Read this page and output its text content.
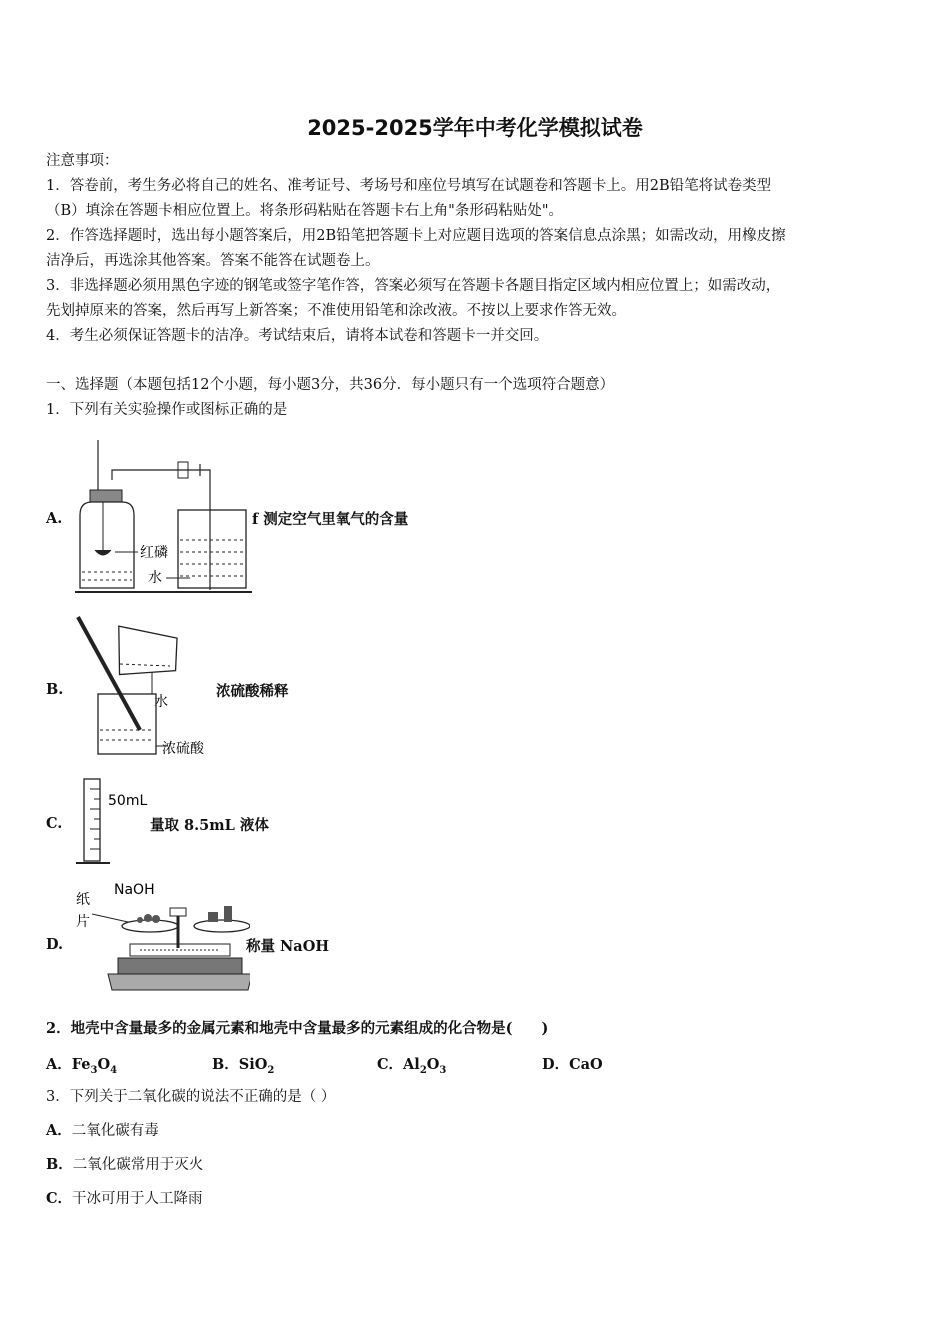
2025-2025学年中考化学模拟试卷
注意事项：
1．答卷前，考生务必将自己的姓名、准考证号、考场号和座位号填写在试题卷和答题卡上。用2B铅笔将试卷类型
（B）填涂在答题卡相应位置上。将条形码粘贴在答题卡右上角"条形码粘贴处"。
2．作答选择题时，选出每小题答案后，用2B铅笔把答题卡上对应题目选项的答案信息点涂黑；如需改动，用橡皮擦
洁净后，再选涂其他答案。答案不能答在试题卷上。
3．非选择题必须用黑色字迹的钢笔或签字笔作答，答案必须写在答题卡各题目指定区域内相应位置上；如需改动，
先划掉原来的答案，然后再写上新答案；不准使用铅笔和涂改液。不按以上要求作答无效。
4．考生必须保证答题卡的洁净。考试结束后，请将本试卷和答题卡一并交回。
一、选择题（本题包括12个小题，每小题3分，共36分．每小题只有一个选项符合题意）
1．下列有关实验操作或图标正确的是
A.
红磷
水
f 测定空气里氧气的含量
B.
水
浓硫酸
浓硫酸稀释
C.
50mL
量取 8.5mL 液体
D.
NaOH
纸
片
称量 NaOH
2．地壳中含量最多的金属元素和地壳中含量最多的元素组成的化合物是(　　)
A．$Fe_3O_4$	B．SiO$_2$	C．$Al_2O_3$	D．CaO
3．下列关于二氧化碳的说法不正确的是（ ）
A．二氧化碳有毒
B．二氧化碳常用于灭火
C．干冰可用于人工降雨
